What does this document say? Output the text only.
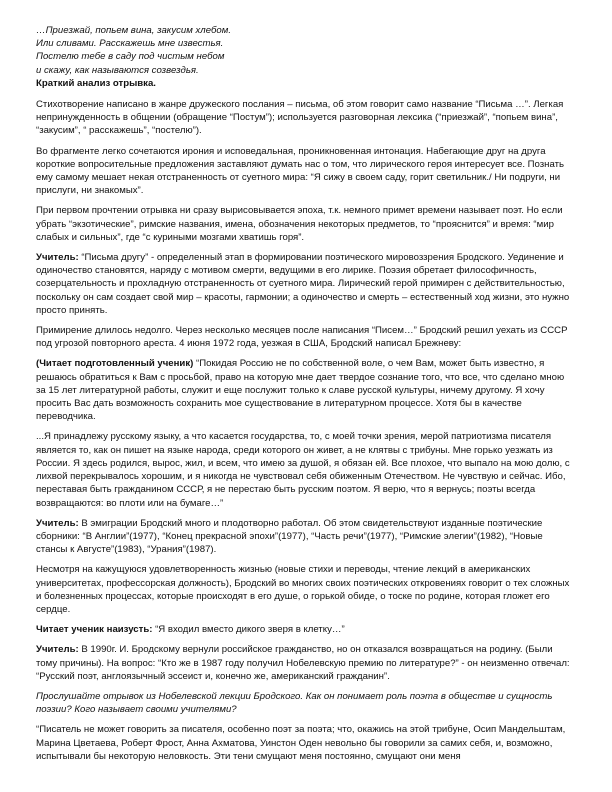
…Приезжай, попьем вина, закусим хлебом.
Или сливами. Расскажешь мне известья.
Постелю тебе в саду под чистым небом
и скажу, как называются созвездья.
Краткий анализ отрывка.

Стихотворение написано в жанре дружеского послания – письма, об этом говорит само название “Письма …”. Легкая непринужденность в общении (обращение “Постум”); используется разговорная лексика (“приезжай”, “попьем вина”, “закусим”, “ расскажешь”, “постелю”).

Во фрагменте легко сочетаются ирония и исповедальная, проникновенная интонация. Набегающие друг на друга короткие вопросительные предложения заставляют думать нас о том, что лирического героя интересует все. Познать ему самому мешает некая отстраненность от суетного мира: “Я сижу в своем саду, горит светильник./ Ни подруги, ни прислуги, ни знакомых”.

При первом прочтении отрывка ни сразу вырисовывается эпоха, т.к. немного примет времени называет поэт. Но если убрать “экзотические”, римские названия, имена, обозначения некоторых предметов, то “прояснится” и время: “мир слабых и сильных”, где “с куриными мозгами хватишь горя”.

Учитель: “Письма другу” - определенный этап в формировании поэтического мировоззрения Бродского. Уединение и одиночество становятся, наряду с мотивом смерти, ведущими в его лирике. Поэзия обретает философичность, созерцательность и прохладную отстраненность от суетного мира. Лирический герой примирен с действительностью, поскольку он сам создает свой мир – красоты, гармонии; а одиночество и смерть – естественный ход жизни, это нужно просто принять.

Примирение длилось недолго. Через несколько месяцев после написания “Писем…” Бродский решил уехать из СССР под угрозой повторного ареста. 4 июня 1972 года, уезжая в США, Бродский написал Брежневу:

(Читает подготовленный ученик) “Покидая Россию не по собственной воле, о чем Вам, может быть известно, я решаюсь обратиться к Вам с просьбой, право на которую мне дает твердое сознание того, что все, что сделано мною за 15 лет литературной работы, служит и еще послужит только к славе русской культуры, ничему другому. Я хочу просить Вас дать возможность сохранить мое существование в литературном процессе. Хотя бы в качестве переводчика.

...Я принадлежу русскому языку, а что касается государства, то, с моей точки зрения, мерой патриотизма писателя является то, как он пишет на языке народа, среди которого он живет, а не клятвы с трибуны. Мне горько уезжать из России. Я здесь родился, вырос, жил, и всем, что имею за душой, я обязан ей. Все плохое, что выпало на мою долю, с лихвой перекрывалось хорошим, и я никогда не чувствовал себя обиженным Отечеством. Не чувствую и сейчас. Ибо, переставая быть гражданином СССР, я не перестаю быть русским поэтом. Я верю, что я вернусь; поэты всегда возвращаются: во плоти или на бумаге…”

Учитель: В эмиграции Бродский много и плодотворно работал. Об этом свидетельствуют изданные поэтические сборники: “В Англии”(1977), “Конец прекрасной эпохи”(1977), “Часть речи”(1977), “Римские элегии”(1982), “Новые стансы к Августе”(1983), “Урания”(1987).

Несмотря на кажущуюся удовлетворенность жизнью (новые стихи и переводы, чтение лекций в американских университетах, профессорская должность), Бродский во многих своих поэтических откровениях говорит о тех сложных и болезненных процессах, которые происходят в его душе, о горькой обиде, о тоске по родине, которая гложет его сердце.

Читает ученик наизусть: “Я входил вместо дикого зверя в клетку…”

Учитель: В 1990г. И. Бродскому вернули российское гражданство, но он отказался возвращаться на родину. (Были тому причины). На вопрос: “Кто же в 1987 году получил Нобелевскую премию по литературе?” - он неизменно отвечал: “Русский поэт, англоязычный эссеист и, конечно же, американский гражданин”.

Прослушайте отрывок из Нобелевской лекции Бродского. Как он понимает роль поэта в обществе и сущность поэзии? Кого называет своими учителями?

“Писатель не может говорить за писателя, особенно поэт за поэта; что, окажись на этой трибуне, Осип Мандельштам, Марина Цветаева, Роберт Фрост, Анна Ахматова, Уинстон Оден невольно бы говорили за самих себя, и, возможно, испытывали бы некоторую неловкость. Эти тени смущают меня постоянно, смущают они меня
